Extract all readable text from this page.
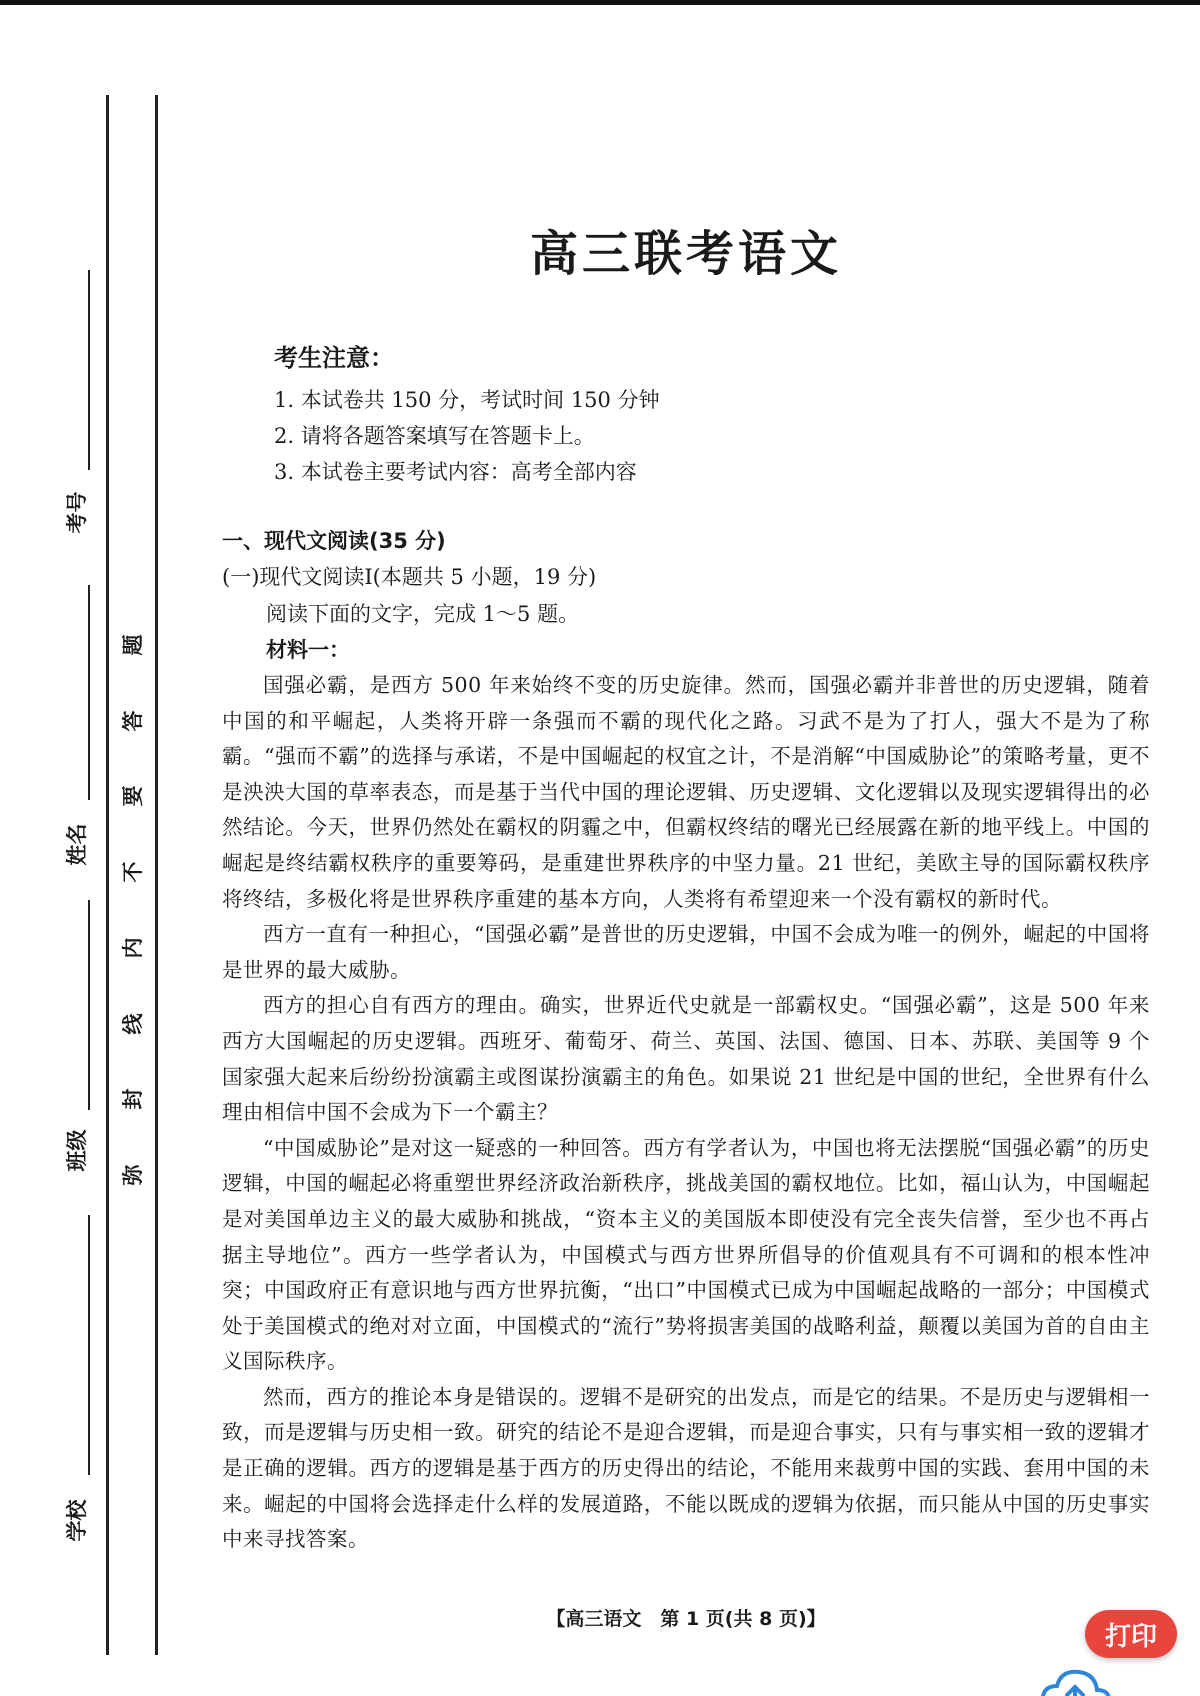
考号
姓名
班级
学校
题
答
要
不
内
线
封
弥
高三联考语文

考生注意：

1. 本试卷共 150 分，考试时间 150 分钟

2. 请将各题答案填写在答题卡上。

3. 本试卷主要考试内容：高考全部内容

一、现代文阅读(35 分)

(一)现代文阅读Ⅰ(本题共 5 小题，19 分)

阅读下面的文字，完成 1～5 题。

材料一：

国强必霸，是西方 500 年来始终不变的历史旋律。然而，国强必霸并非普世的历史逻辑，随着中国的和平崛起，人类将开辟一条强而不霸的现代化之路。习武不是为了打人，强大不是为了称霸。“强而不霸”的选择与承诺，不是中国崛起的权宜之计，不是消解“中国威胁论”的策略考量，更不是泱泱大国的草率表态，而是基于当代中国的理论逻辑、历史逻辑、文化逻辑以及现实逻辑得出的必然结论。今天，世界仍然处在霸权的阴霾之中，但霸权终结的曙光已经展露在新的地平线上。中国的崛起是终结霸权秩序的重要筹码，是重建世界秩序的中坚力量。21 世纪，美欧主导的国际霸权秩序将终结，多极化将是世界秩序重建的基本方向，人类将有希望迎来一个没有霸权的新时代。

西方一直有一种担心，“国强必霸”是普世的历史逻辑，中国不会成为唯一的例外，崛起的中国将是世界的最大威胁。

西方的担心自有西方的理由。确实，世界近代史就是一部霸权史。“国强必霸”，这是 500 年来西方大国崛起的历史逻辑。西班牙、葡萄牙、荷兰、英国、法国、德国、日本、苏联、美国等 9 个国家强大起来后纷纷扮演霸主或图谋扮演霸主的角色。如果说 21 世纪是中国的世纪，全世界有什么理由相信中国不会成为下一个霸主？

“中国威胁论”是对这一疑惑的一种回答。西方有学者认为，中国也将无法摆脱“国强必霸”的历史逻辑，中国的崛起必将重塑世界经济政治新秩序，挑战美国的霸权地位。比如，福山认为，中国崛起是对美国单边主义的最大威胁和挑战，“资本主义的美国版本即使没有完全丧失信誉，至少也不再占据主导地位”。西方一些学者认为，中国模式与西方世界所倡导的价值观具有不可调和的根本性冲突；中国政府正有意识地与西方世界抗衡，“出口”中国模式已成为中国崛起战略的一部分；中国模式处于美国模式的绝对对立面，中国模式的“流行”势将损害美国的战略利益，颠覆以美国为首的自由主义国际秩序。

然而，西方的推论本身是错误的。逻辑不是研究的出发点，而是它的结果。不是历史与逻辑相一致，而是逻辑与历史相一致。研究的结论不是迎合逻辑，而是迎合事实，只有与事实相一致的逻辑才是正确的逻辑。西方的逻辑是基于西方的历史得出的结论，不能用来裁剪中国的实践、套用中国的未来。崛起的中国将会选择走什么样的发展道路，不能以既成的逻辑为依据，而只能从中国的历史事实中来寻找答案。

【高三语文　第 1 页(共 8 页)】

打印
